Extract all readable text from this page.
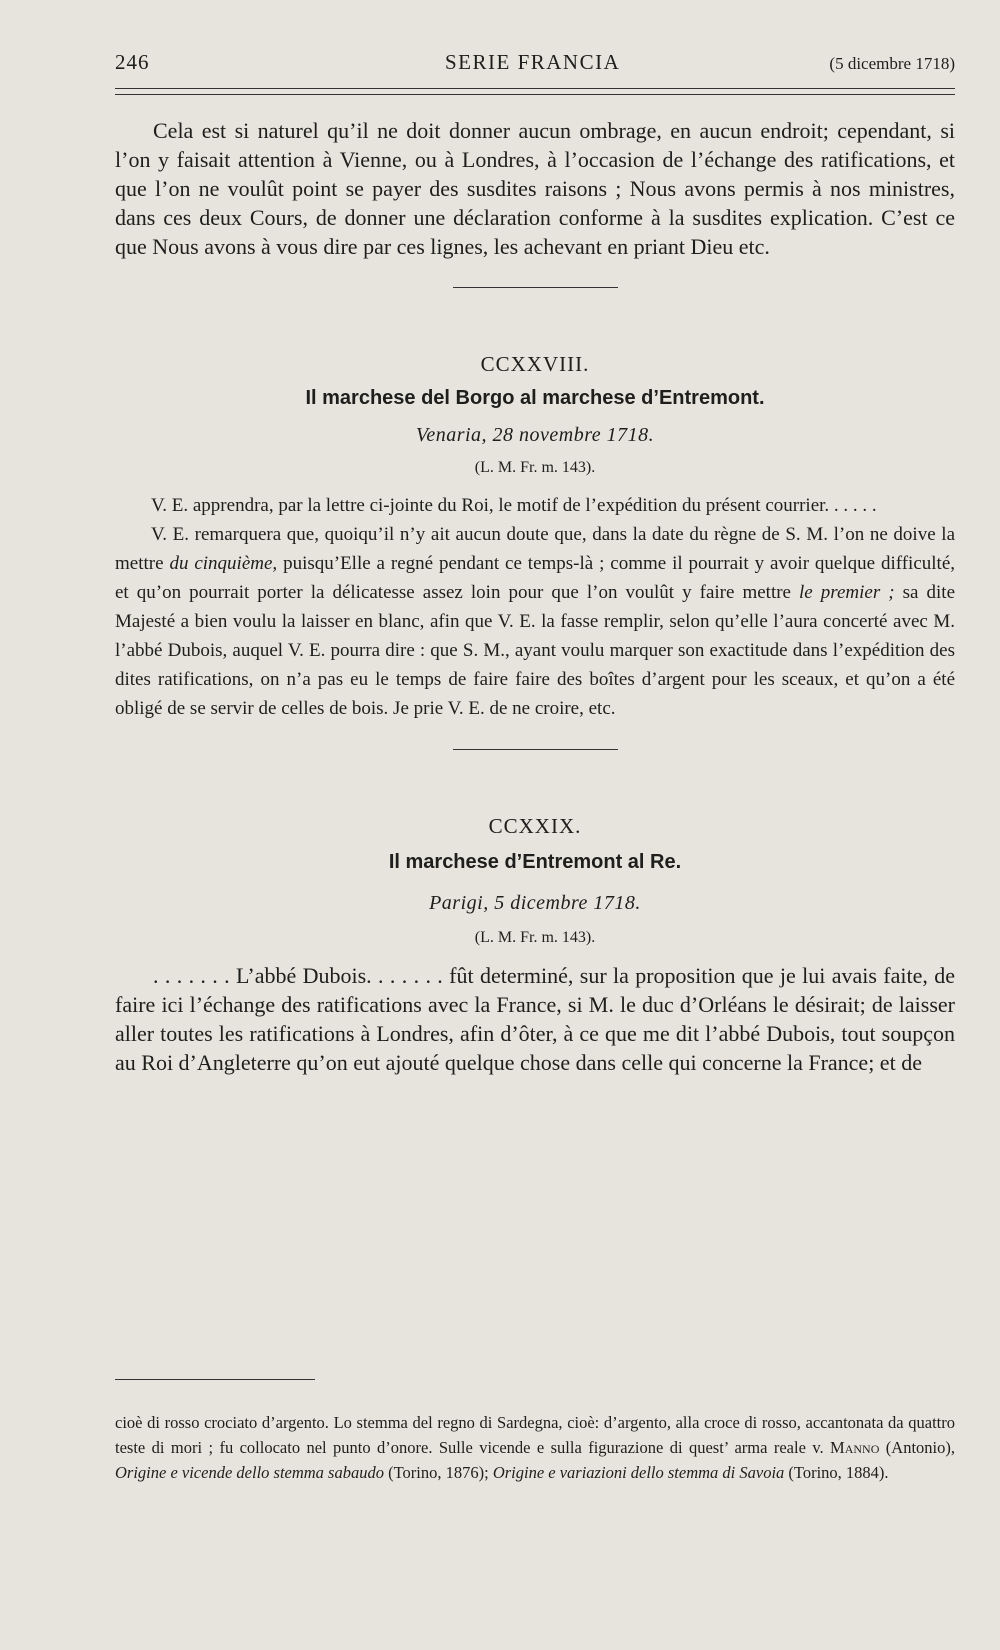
246	SERIE FRANCIA	(5 dicembre 1718)

Cela est si naturel qu’il ne doit donner aucun ombrage, en aucun endroit; cependant, si l’on y faisait attention à Vienne, ou à Londres, à l’occasion de l’échange des ratifications, et que l’on ne voulût point se payer des susdites raisons ; Nous avons permis à nos ministres, dans ces deux Cours, de donner une déclaration conforme à la susdites explication. C’est ce que Nous avons à vous dire par ces lignes, les achevant en priant Dieu etc.

CCXXVIII.

Il marchese del Borgo al marchese d’Entremont.

Venaria, 28 novembre 1718.

(L. M. Fr. m. 143).

V. E. apprendra, par la lettre ci-jointe du Roi, le motif de l’expédition du présent courrier. . . . . .

V. E. remarquera que, quoiqu’il n’y ait aucun doute que, dans la date du règne de S. M. l’on ne doive la mettre du cinquième, puisqu’Elle a regné pendant ce temps-là ; comme il pourrait y avoir quelque difficulté, et qu’on pourrait porter la délicatesse assez loin pour que l’on voulût y faire mettre le premier ; sa dite Majesté a bien voulu la laisser en blanc, afin que V. E. la fasse remplir, selon qu’elle l’aura concerté avec M. l’abbé Dubois, auquel V. E. pourra dire : que S. M., ayant voulu marquer son exactitude dans l’expédition des dites ratifications, on n’a pas eu le temps de faire faire des boîtes d’argent pour les sceaux, et qu’on a été obligé de se servir de celles de bois. Je prie V. E. de ne croire, etc.

CCXXIX.

Il marchese d’Entremont al Re.

Parigi, 5 dicembre 1718.

(L. M. Fr. m. 143).

. . . . . . . L’abbé Dubois. . . . . . . fût determiné, sur la proposition que je lui avais faite, de faire ici l’échange des ratifications avec la France, si M. le duc d’Orléans le désirait; de laisser aller toutes les ratifications à Londres, afin d’ôter, à ce que me dit l’abbé Dubois, tout soupçon au Roi d’Angleterre qu’on eut ajouté quelque chose dans celle qui concerne la France; et de

cioè di rosso crociato d’argento. Lo stemma del regno di Sardegna, cioè: d’argento, alla croce di rosso, accantonata da quattro teste di mori ; fu collocato nel punto d’onore. Sulle vicende e sulla figurazione di quest’ arma reale v. Manno (Antonio), Origine e vicende dello stemma sabaudo (Torino, 1876); Origine e variazioni dello stemma di Savoia (Torino, 1884).
